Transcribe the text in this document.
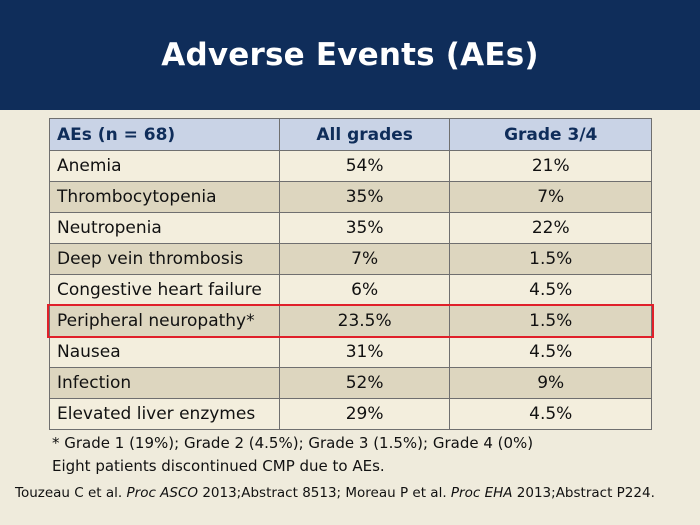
Adverse Events (AEs)
AEs (n = 68)	All grades	Grade 3/4
Anemia	54%	21%
Thrombocytopenia	35%	7%
Neutropenia	35%	22%
Deep vein thrombosis	7%	1.5%
Congestive heart failure	6%	4.5%
Peripheral neuropathy*	23.5%	1.5%
Nausea	31%	4.5%
Infection	52%	9%
Elevated liver enzymes	29%	4.5%
* Grade 1 (19%); Grade 2 (4.5%); Grade 3 (1.5%); Grade 4 (0%)
Eight patients discontinued CMP due to AEs.
Touzeau C et al. Proc ASCO 2013;Abstract 8513; Moreau P et al. Proc EHA 2013;Abstract P224.
